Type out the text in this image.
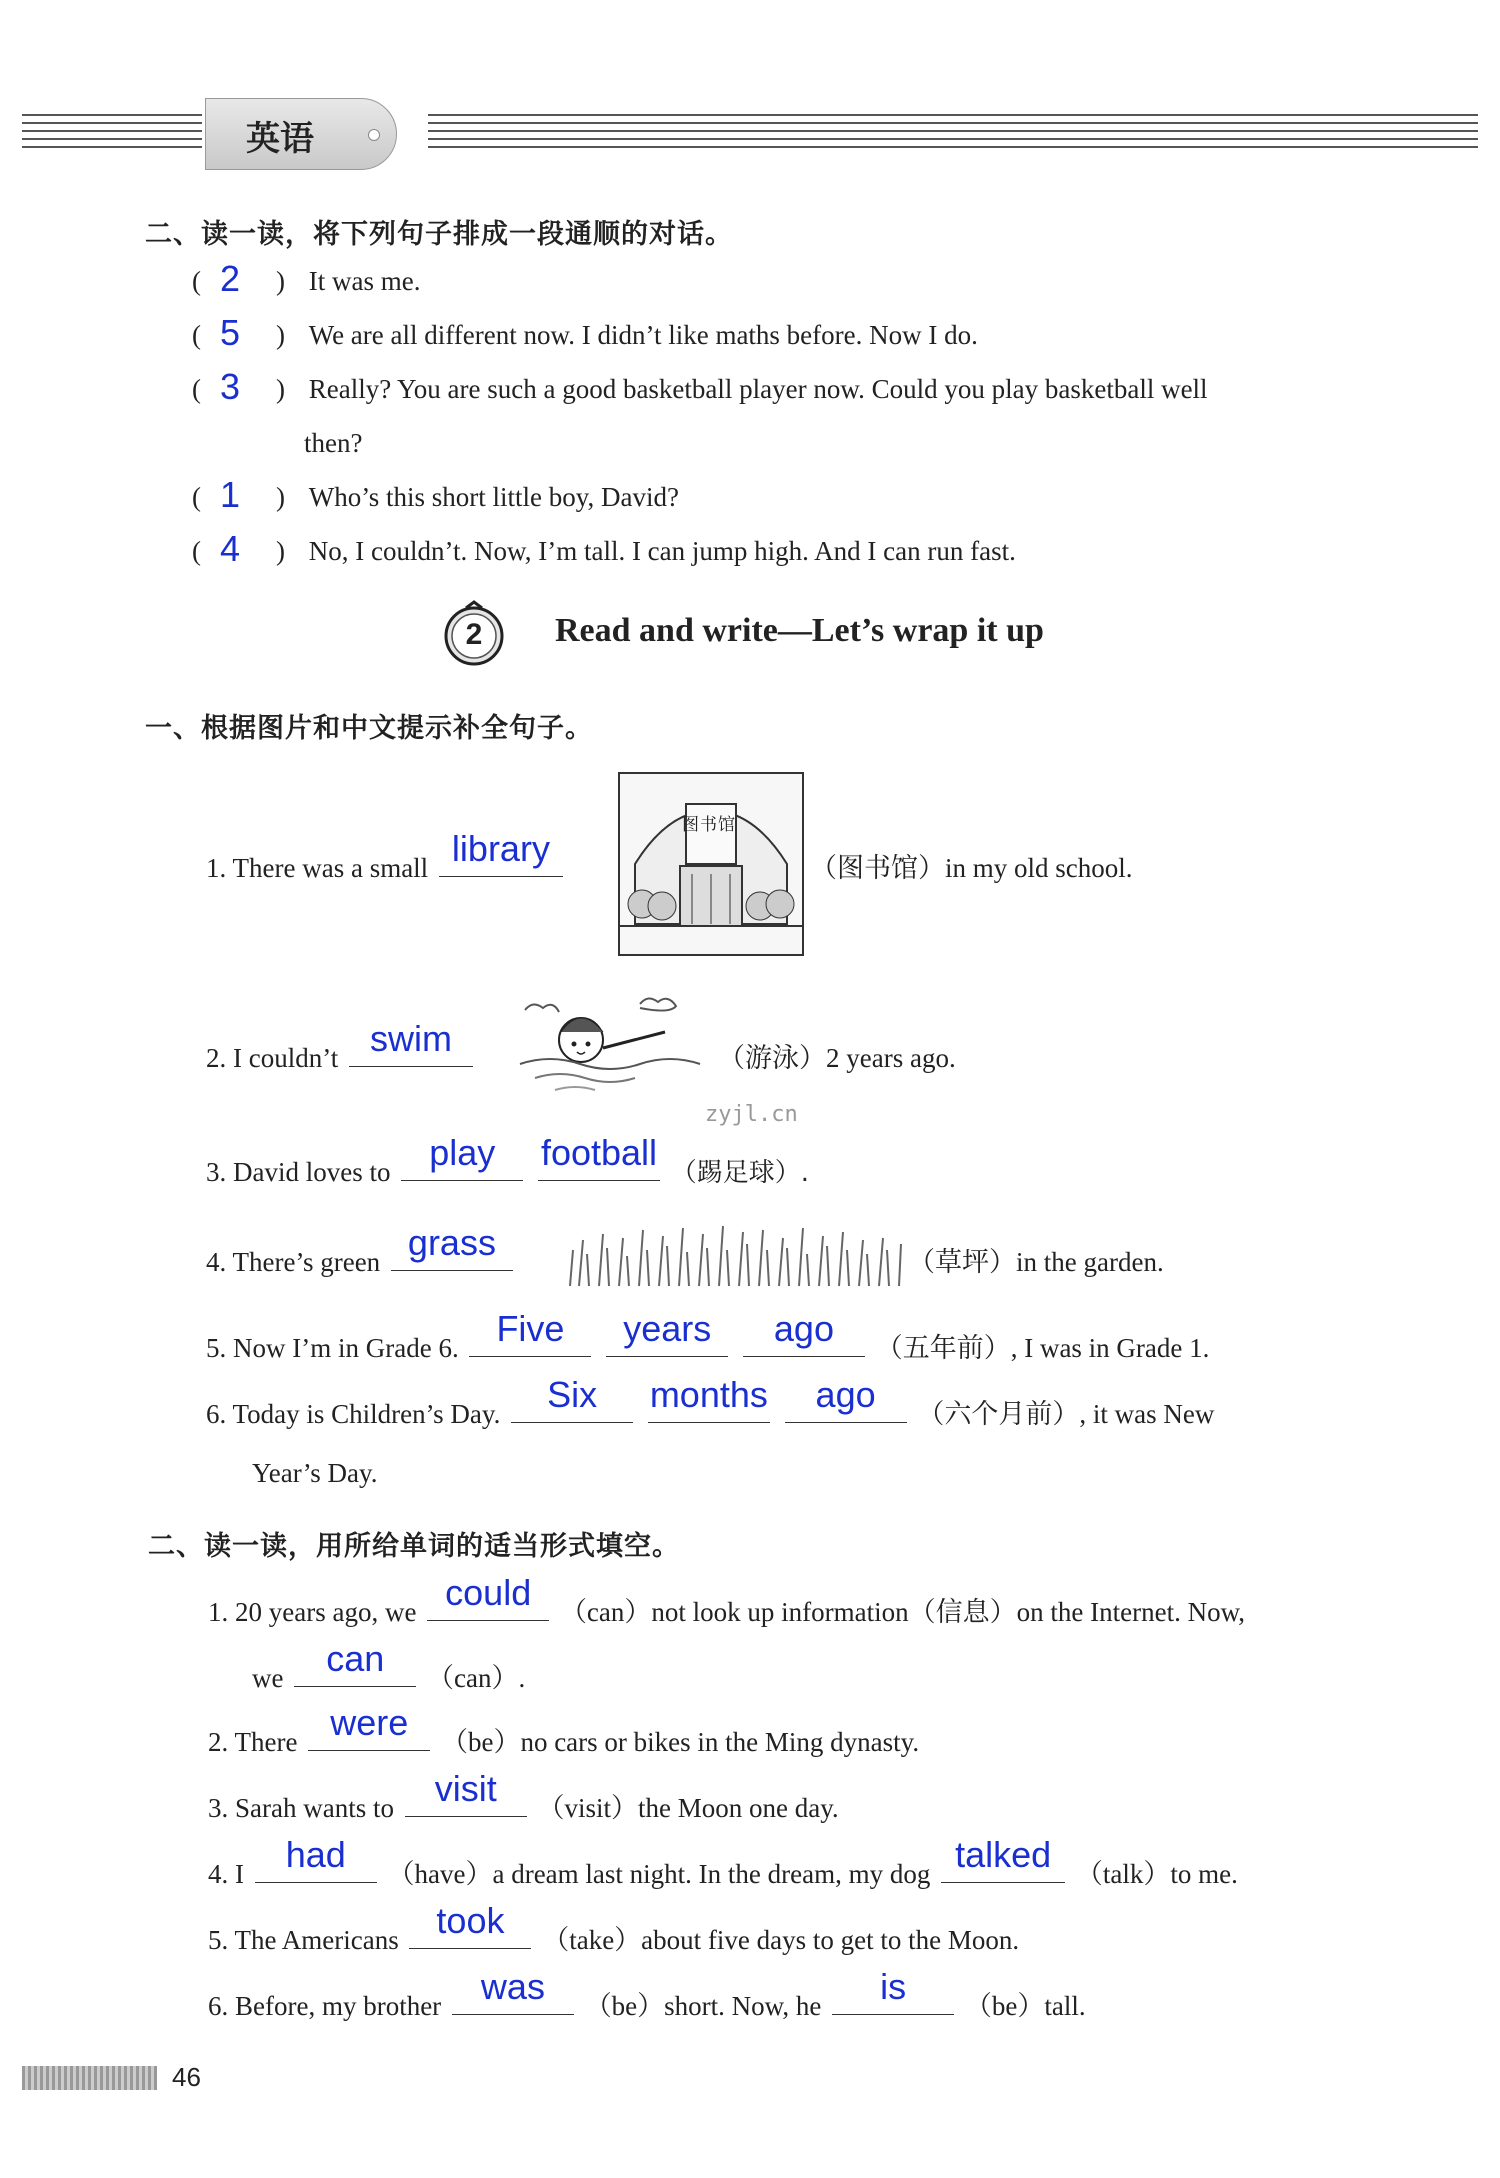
英语
二、读一读，将下列句子排成一段通顺的对话。
( 2 ) It was me.
( 5 ) We are all different now. I didn’t like maths before. Now I do.
( 3 ) Really? You are such a good basketball player now. Could you play basketball well
then?
( 1 ) Who’s this short little boy, David?
( 4 ) No, I couldn’t. Now, I’m tall. I can jump high. And I can run fast.
2	Read and write—Let’s wrap it up
一、根据图片和中文提示补全句子。
图书馆
1. There was a small library	（图书馆）in my old school.
2. I couldn’t swim	（游泳）2 years ago.
zyjl.cn
3. David loves to	play
	football （踢足球）.
4. There’s green grass	（草坪）in the garden.
5. Now I’m in Grade 6.	Five
	years
	ago	（五年前）, I was in Grade 1.
6. Today is Children’s Day.	Six
	months
	ago	（六个月前）, it was New
Year’s Day.
二、读一读，用所给单词的适当形式填空。
1. 20 years ago, we could	（can）not look up information（信息）on the Internet. Now,
we	can	（can）.
2. There were	（be）no cars or bikes in the Ming dynasty.
3. Sarah wants to	visit	（visit）the Moon one day.
4. I	had	（have）a dream last night. In the dream, my dog talked （talk）to me.
5. The Americans	took	（take）about five days to get to the Moon.
6. Before, my brother	was	（be）short. Now, he	is	（be）tall.
46
